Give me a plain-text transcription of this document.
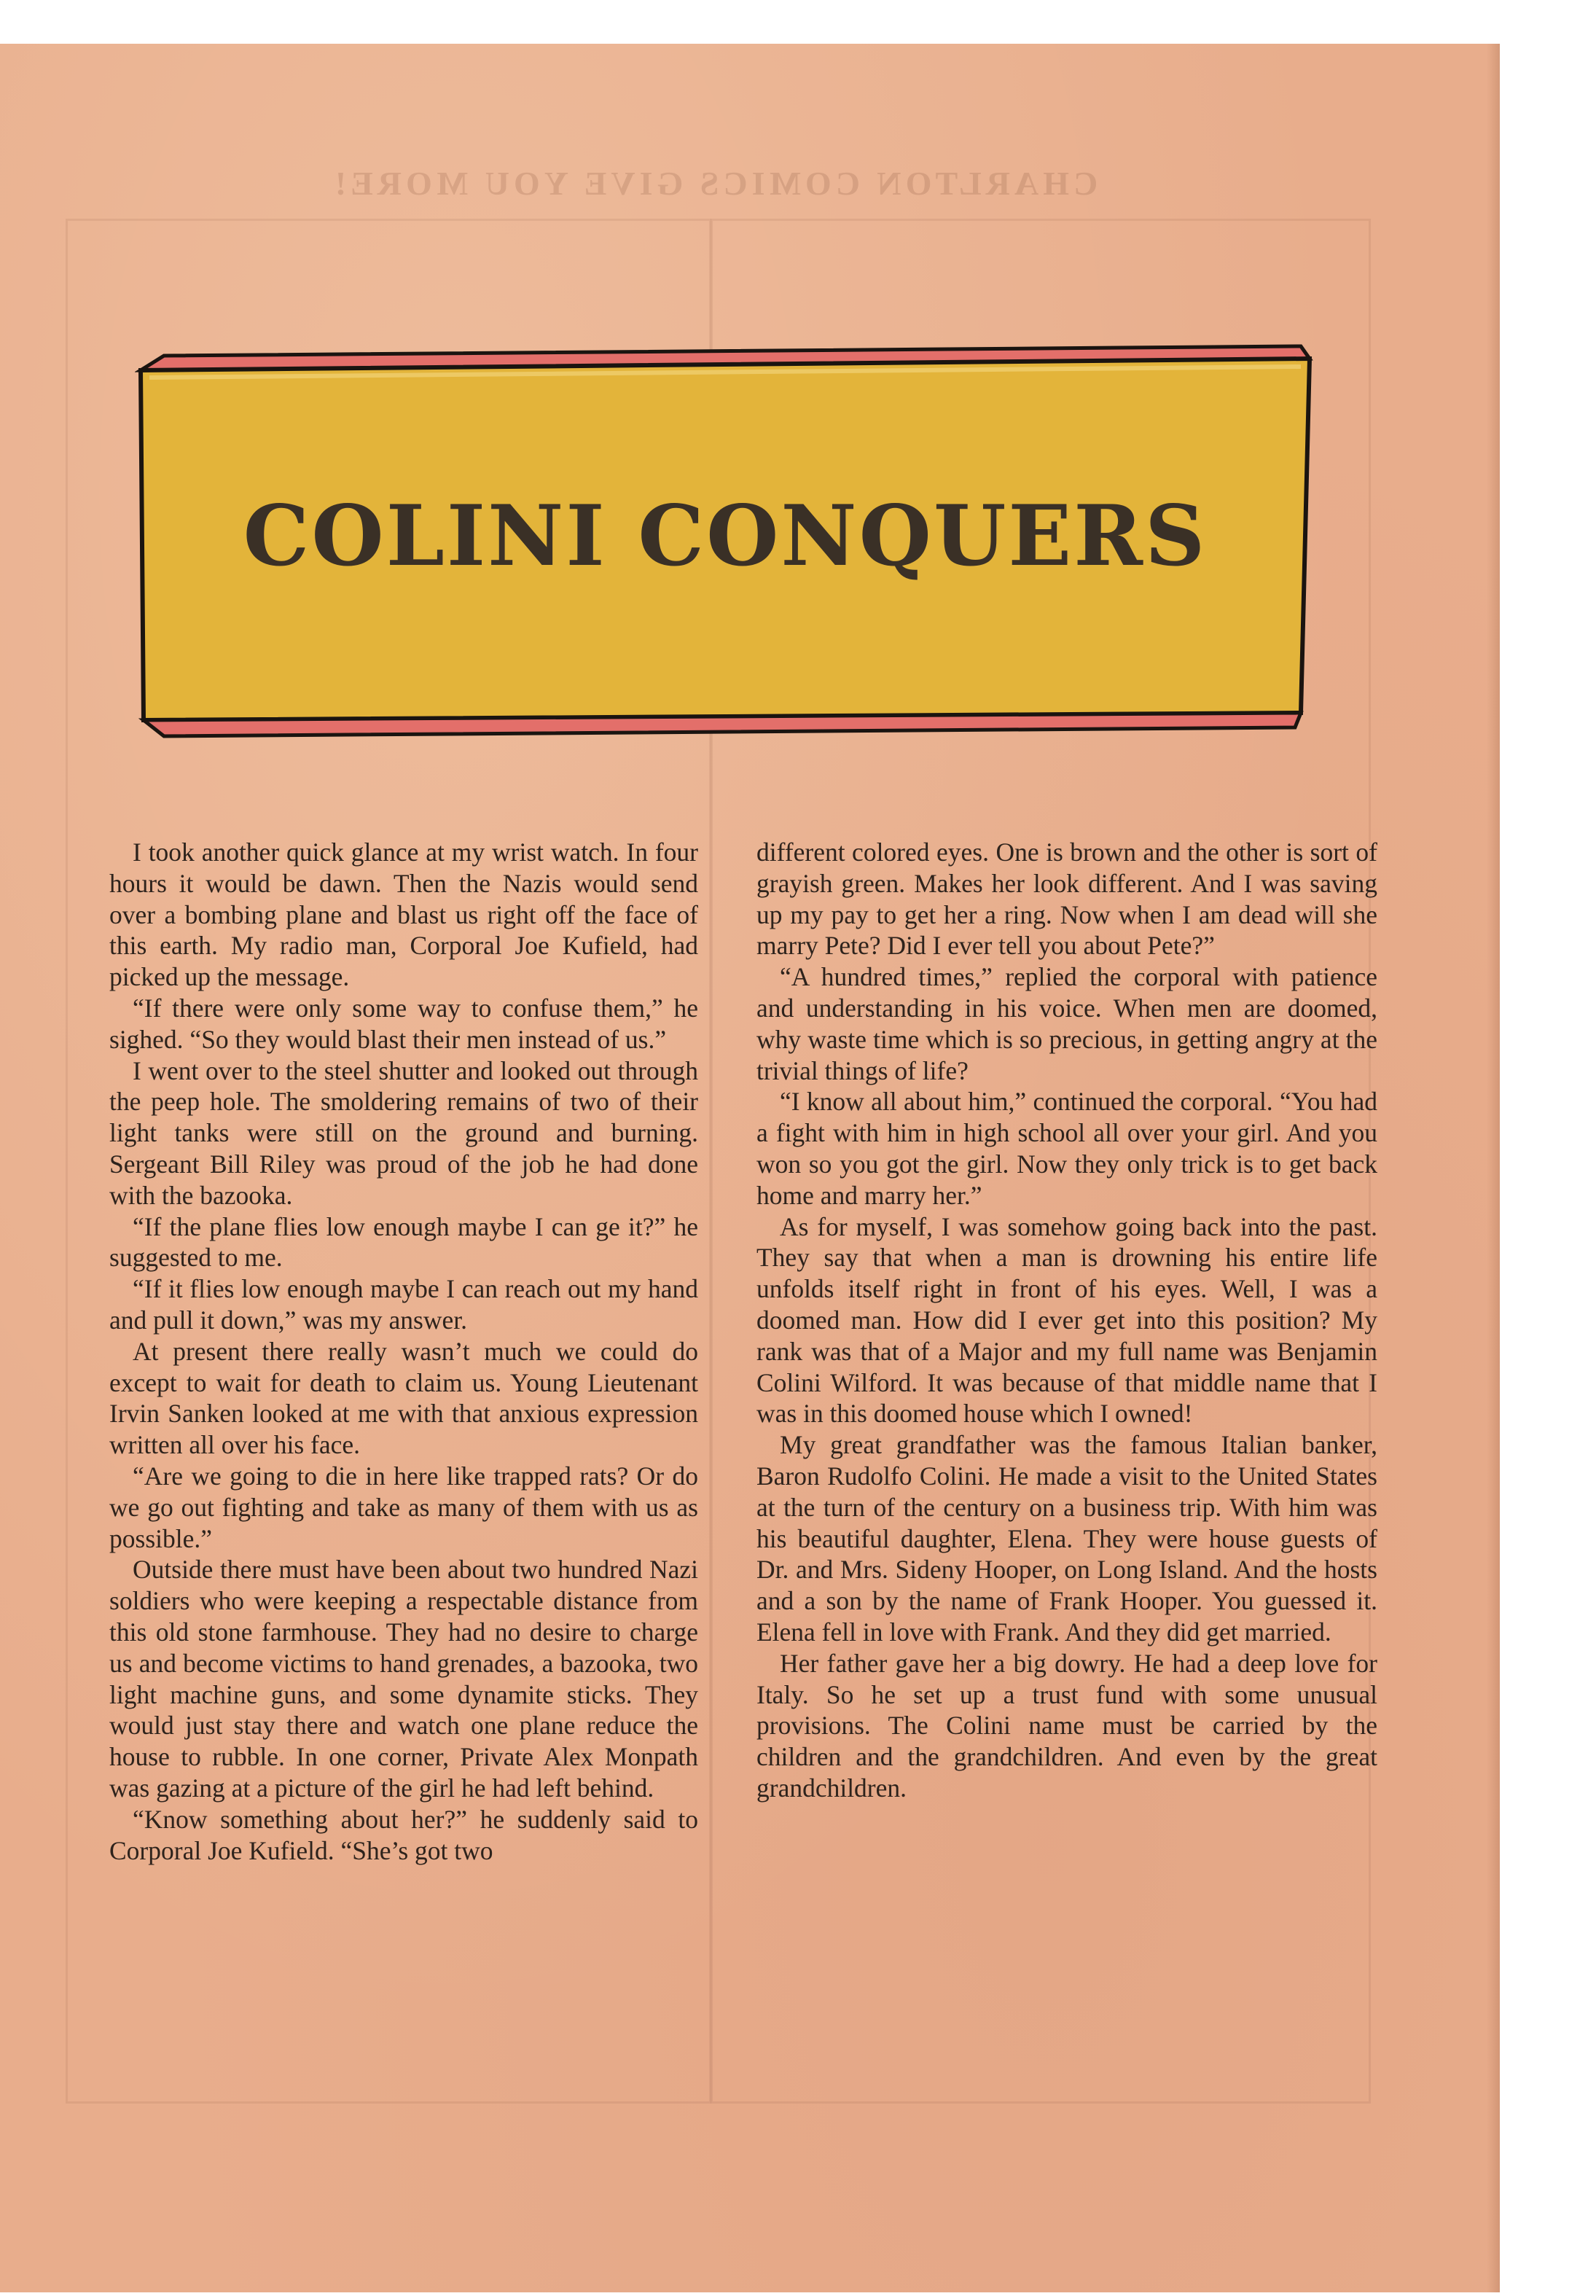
CHARLTON COMICS GIVE YOU MORE!
COLINI CONQUERS

I took another quick glance at my wrist watch. In four hours it would be dawn. Then the Nazis would send over a bombing plane and blast us right off the face of this earth. My radio man, Corporal Joe Kufield, had picked up the message.

“If there were only some way to confuse them,” he sighed. “So they would blast their men instead of us.”

I went over to the steel shutter and looked out through the peep hole. The smoldering remains of two of their light tanks were still on the ground and burning. Sergeant Bill Riley was proud of the job he had done with the bazooka.

“If the plane flies low enough maybe I can ge it?” he suggested to me.

“If it flies low enough maybe I can reach out my hand and pull it down,” was my answer.

At present there really wasn’t much we could do except to wait for death to claim us. Young Lieutenant Irvin Sanken looked at me with that anxious expression written all over his face.

“Are we going to die in here like trapped rats? Or do we go out fighting and take as many of them with us as possible.”

Outside there must have been about two hundred Nazi soldiers who were keeping a respectable distance from this old stone farmhouse. They had no desire to charge us and become victims to hand grenades, a bazooka, two light machine guns, and some dynamite sticks. They would just stay there and watch one plane reduce the house to rubble. In one corner, Private Alex Monpath was gazing at a picture of the girl he had left behind.

“Know something about her?” he suddenly said to Corporal Joe Kufield. “She’s got two

different colored eyes. One is brown and the other is sort of grayish green. Makes her look different. And I was saving up my pay to get her a ring. Now when I am dead will she marry Pete? Did I ever tell you about Pete?”

“A hundred times,” replied the corporal with patience and understanding in his voice. When men are doomed, why waste time which is so precious, in getting angry at the trivial things of life?

“I know all about him,” continued the corporal. “You had a fight with him in high school all over your girl. And you won so you got the girl. Now they only trick is to get back home and marry her.”

As for myself, I was somehow going back into the past. They say that when a man is drowning his entire life unfolds itself right in front of his eyes. Well, I was a doomed man. How did I ever get into this position? My rank was that of a Major and my full name was Benjamin Colini Wilford. It was because of that middle name that I was in this doomed house which I owned!

My great grandfather was the famous Italian banker, Baron Rudolfo Colini. He made a visit to the United States at the turn of the century on a business trip. With him was his beautiful daughter, Elena. They were house guests of Dr. and Mrs. Sideny Hooper, on Long Island. And the hosts and a son by the name of Frank Hooper. You guessed it. Elena fell in love with Frank. And they did get married.

Her father gave her a big dowry. He had a deep love for Italy. So he set up a trust fund with some unusual provisions. The Colini name must be carried by the children and the grandchildren. And even by the great grandchildren.
